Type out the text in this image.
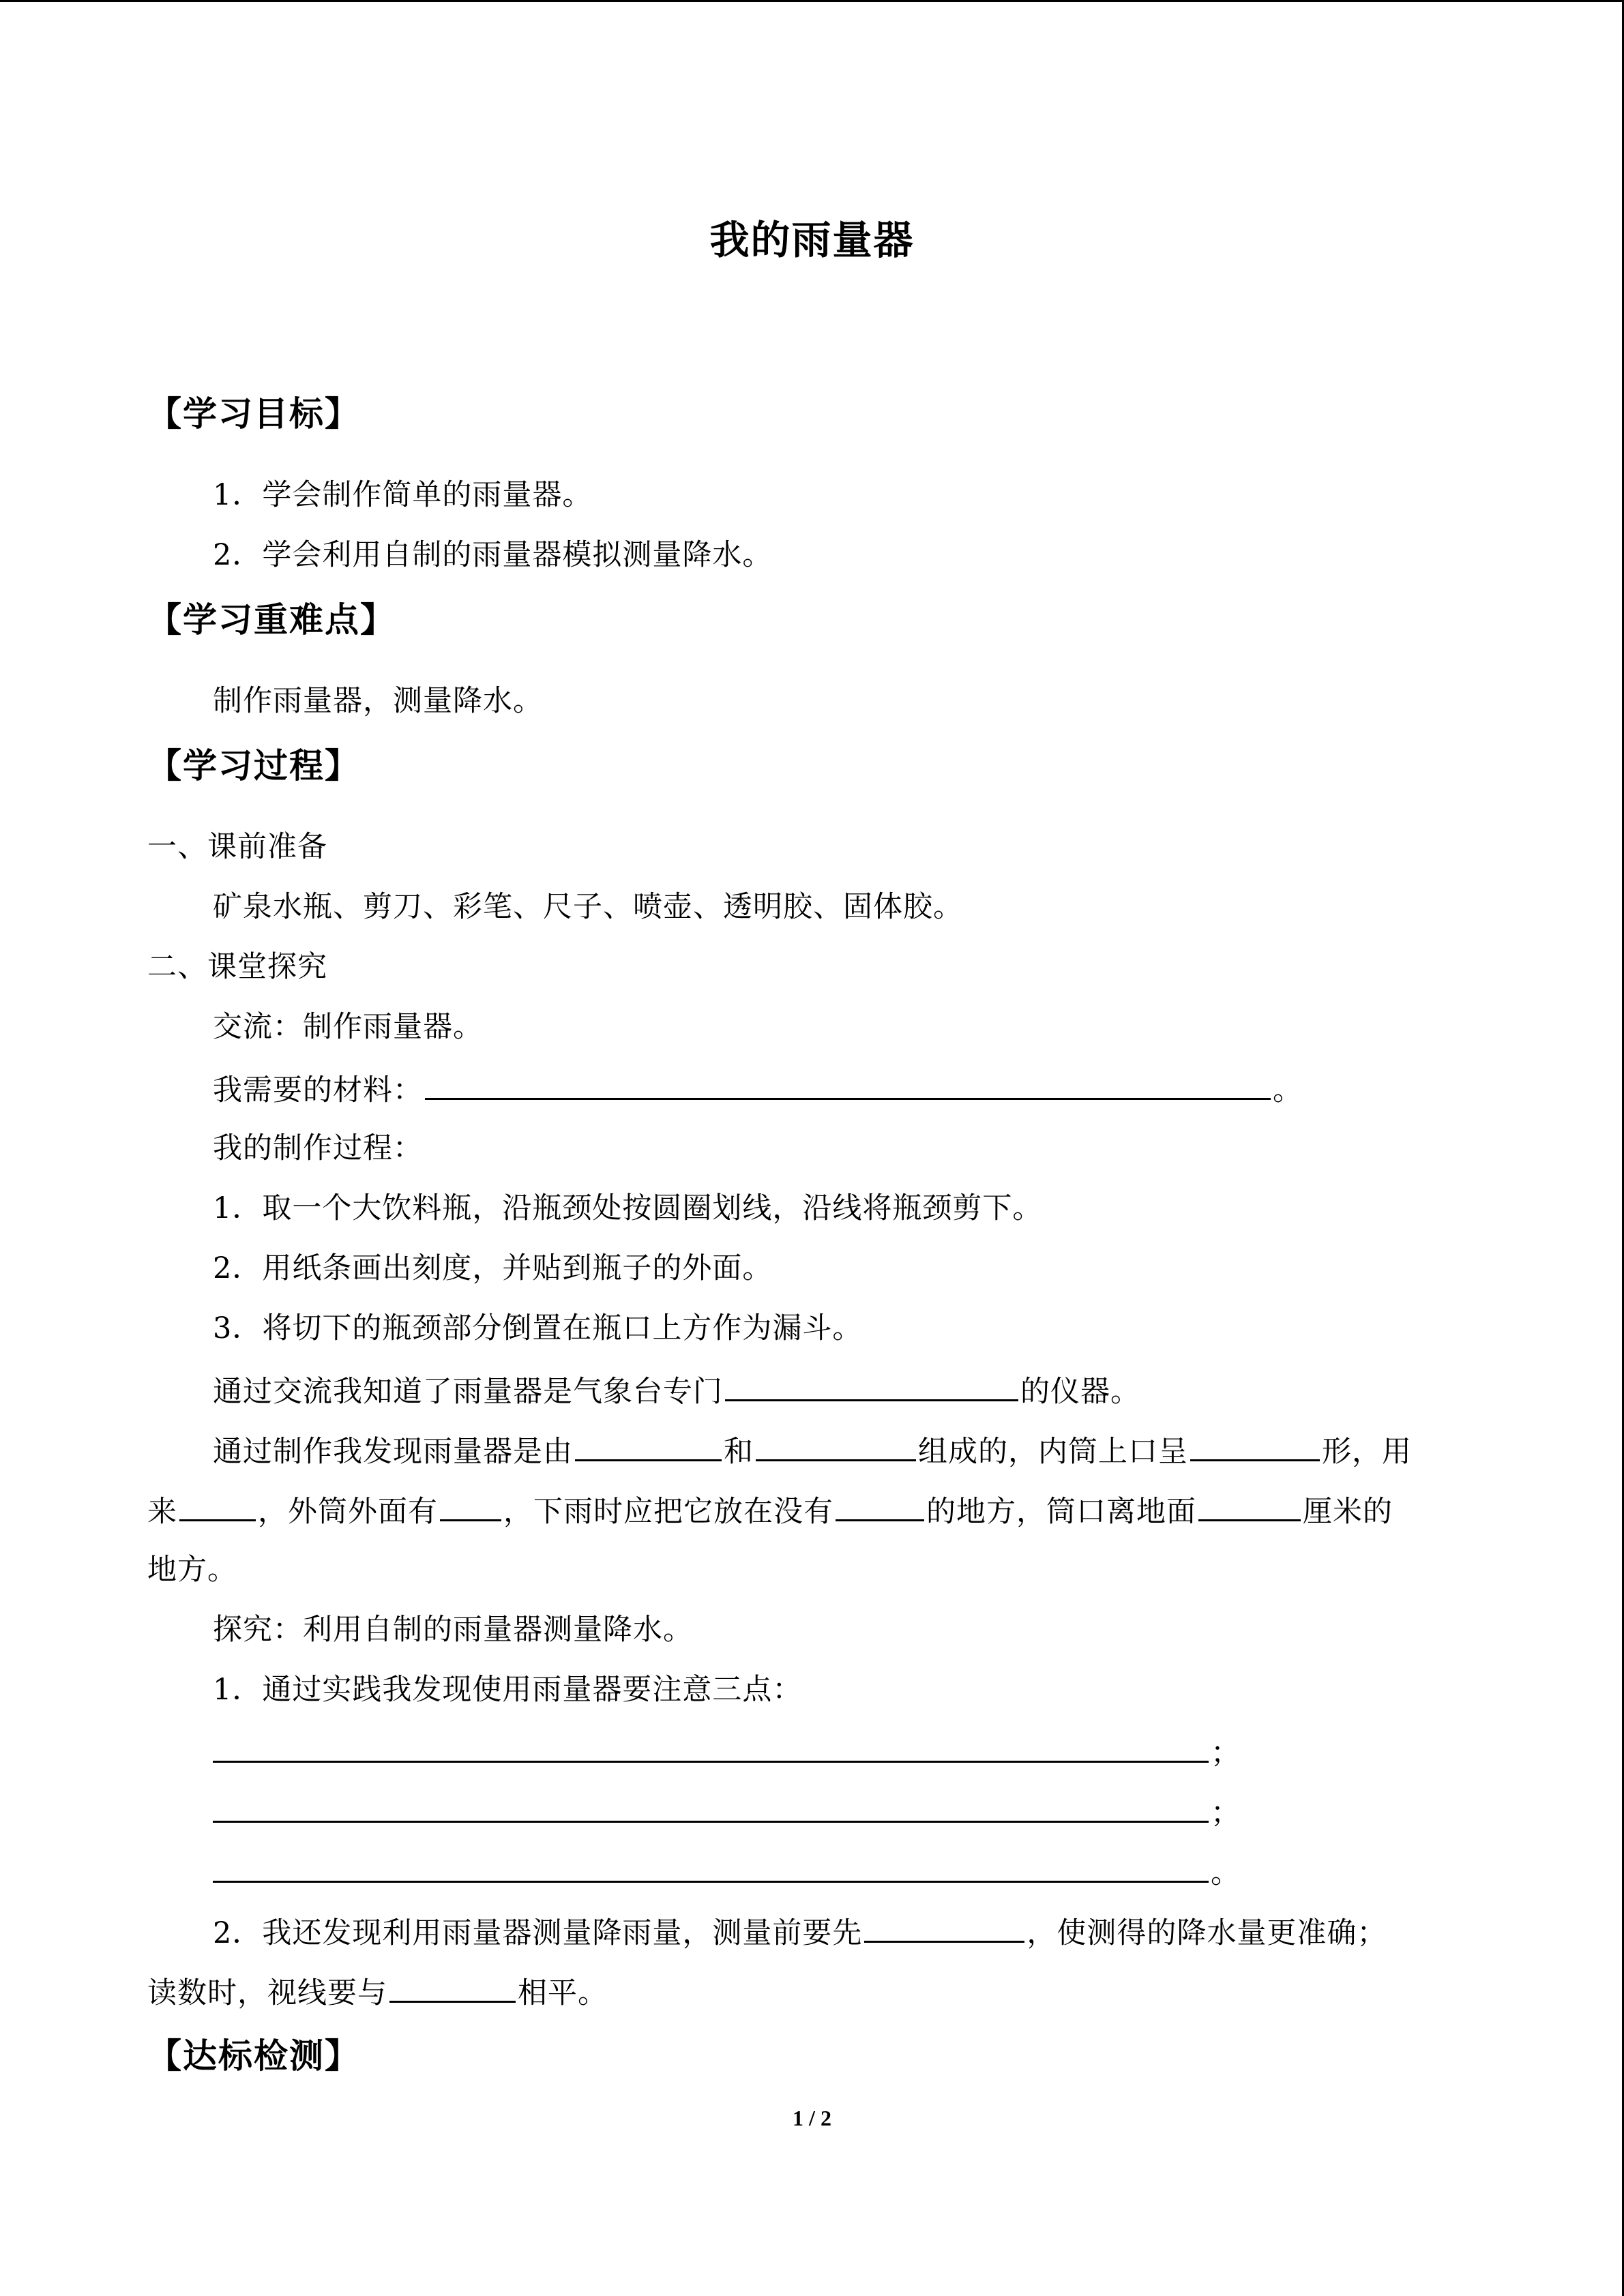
我的雨量器
【学习目标】
1．学会制作简单的雨量器。
2．学会利用自制的雨量器模拟测量降水。
【学习重难点】
制作雨量器，测量降水。
【学习过程】
一、课前准备
矿泉水瓶、剪刀、彩笔、尺子、喷壶、透明胶、固体胶。
二、课堂探究
交流：制作雨量器。
我需要的材料：	。
我的制作过程：
1．取一个大饮料瓶，沿瓶颈处按圆圈划线，沿线将瓶颈剪下。
2．用纸条画出刻度，并贴到瓶子的外面。
3．将切下的瓶颈部分倒置在瓶口上方作为漏斗。
通过交流我知道了雨量器是气象台专门	的仪器。
通过制作我发现雨量器是由	和	组成的，内筒上口呈	形，用
来	，外筒外面有 ，下雨时应把它放在没有	的地方，筒口离地面	厘米的
地方。
探究：利用自制的雨量器测量降水。
1．通过实践我发现使用雨量器要注意三点：
；
；
。
2．我还发现利用雨量器测量降雨量，测量前要先	，使测得的降水量更准确；
读数时，视线要与	相平。
【达标检测】
1 / 2
